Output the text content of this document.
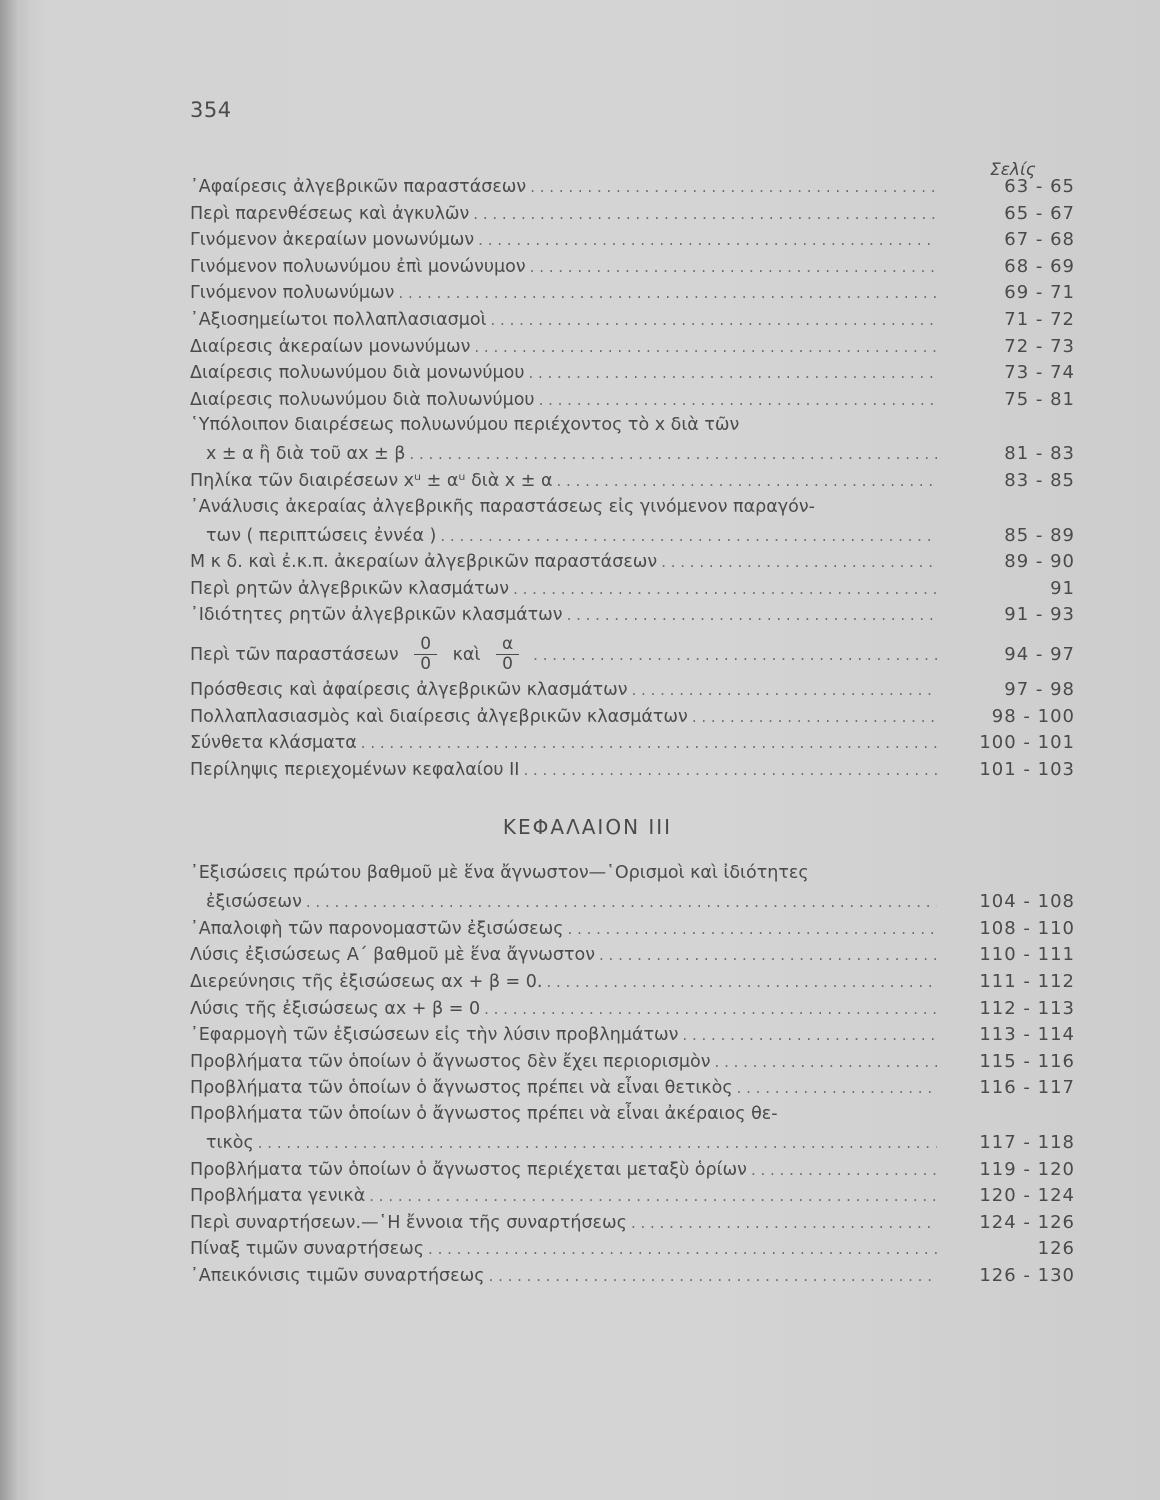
354
Σελίς
᾿Αφαίρεσις ἀλγεβρικῶν παραστάσεων . . .	63 - 65
Περὶ παρενθέσεως καὶ ἀγκυλῶν . . .	65 - 67
Γινόμενον ἀκεραίων μονωνύμων . . .	67 - 68
Γινόμενον πολυωνύμου ἐπὶ μονώνυμον . . .	68 - 69
Γινόμενον πολυωνύμων . . .	69 - 71
᾿Αξιοσημείωτοι πολλαπλασιασμοὶ . . .	71 - 72
Διαίρεσις ἀκεραίων μονωνύμων . . .	72 - 73
Διαίρεσις πολυωνύμου διὰ μονωνύμου . . .	73 - 74
Διαίρεσις πολυωνύμου διὰ πολυωνύμου . . .	75 - 81
῾Υπόλοιπον διαιρέσεως πολυωνύμου περιέχοντος τὸ x διὰ τῶν
x ± α ἢ διὰ τοῦ αx ± β . . .	81 - 83
Πηλίκα τῶν διαιρέσεων xᵘ ± αᵘ διὰ x ± α . . .	83 - 85
᾿Ανάλυσις ἀκεραίας ἀλγεβρικῆς παραστάσεως εἰς γινόμενον παραγόν-
των ( περιπτώσεις ἐννέα ) . . .	85 - 89
Μ κ δ. καὶ ἐ.κ.π. ἀκεραίων ἀλγεβρικῶν παραστάσεων . . .	89 - 90
Περὶ ρητῶν ἀλγεβρικῶν κλασμάτων . . .	91
᾿Ιδιότητες ρητῶν ἀλγεβρικῶν κλασμάτων . . .	91 - 93
Περὶ τῶν παραστάσεων $\frac{0}{0}$ καὶ $\frac{\alpha}{0}$ . . .	94 - 97
Πρόσθεσις καὶ ἀφαίρεσις ἀλγεβρικῶν κλασμάτων . . .	97 - 98
Πολλαπλασιασμὸς καὶ διαίρεσις ἀλγεβρικῶν κλασμάτων . . .	98 - 100
Σύνθετα κλάσματα . . .	100 - 101
Περίληψις περιεχομένων κεφαλαίου ΙΙ . . .	101 - 103
ΚΕΦΑΛΑΙΟΝ ΙΙΙ
᾿Εξισώσεις πρώτου βαθμοῦ μὲ ἕνα ἄγνωστον—῾Ορισμοὶ καὶ ἰδιότητες
ἐξισώσεων . . .	104 - 108
᾿Απαλοιφὴ τῶν παρονομαστῶν ἐξισώσεως . . .	108 - 110
Λύσις ἐξισώσεως Α΄ βαθμοῦ μὲ ἕνα ἄγνωστον . . .	110 - 111
Διερεύνησις τῆς ἐξισώσεως αx + β = 0. . . .	111 - 112
Λύσις τῆς ἐξισώσεως αx + β = 0 . . .	112 - 113
᾿Εφαρμογὴ τῶν ἐξισώσεων εἰς τὴν λύσιν προβλημάτων . . .	113 - 114
Προβλήματα τῶν ὁποίων ὁ ἄγνωστος δὲν ἔχει περιορισμὸν . . .	115 - 116
Προβλήματα τῶν ὁποίων ὁ ἄγνωστος πρέπει νὰ εἶναι θετικὸς . . .	116 - 117
Προβλήματα τῶν ὁποίων ὁ ἄγνωστος πρέπει νὰ εἶναι ἀκέραιος θε-
τικὸς . . .	117 - 118
Προβλήματα τῶν ὁποίων ὁ ἄγνωστος περιέχεται μεταξὺ ὁρίων . . .	119 - 120
Προβλήματα γενικὰ . . .	120 - 124
Περὶ συναρτήσεων.—῾Η ἔννοια τῆς συναρτήσεως . . .	124 - 126
Πίναξ τιμῶν συναρτήσεως . . .	126
᾿Απεικόνισις τιμῶν συναρτήσεως . . .	126 - 130
